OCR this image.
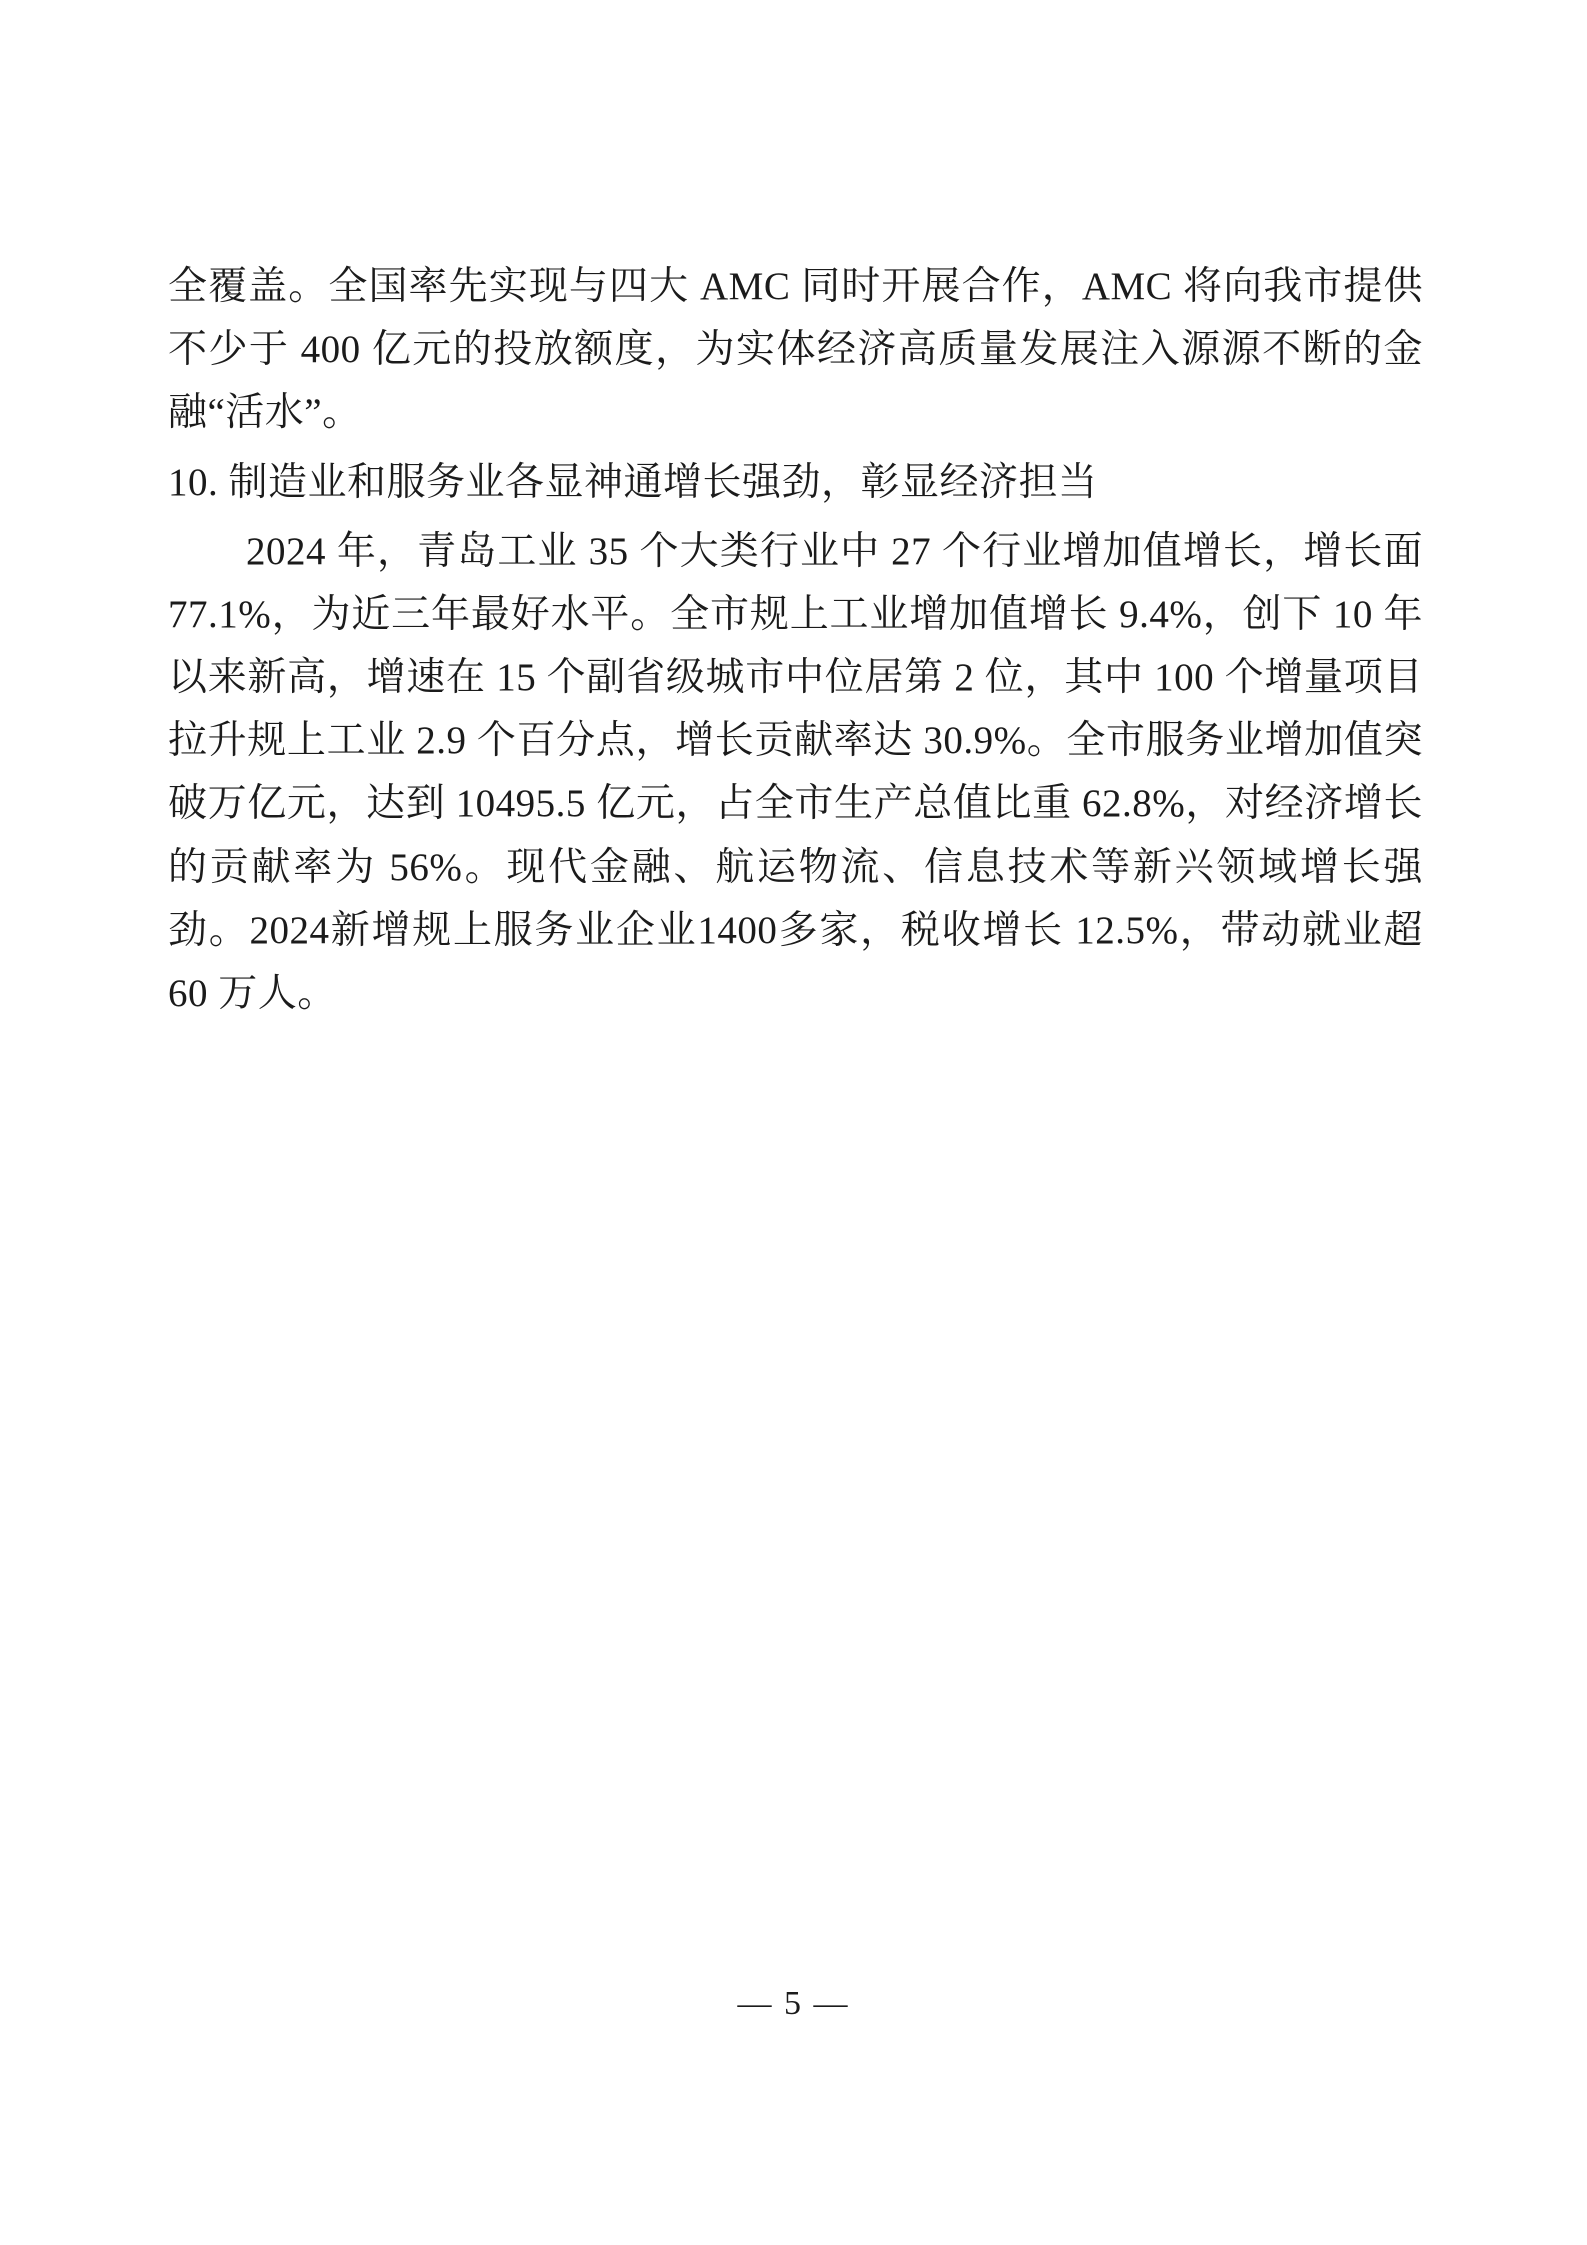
全覆盖。全国率先实现与四大 AMC 同时开展合作，AMC 将向我市提供不少于 400 亿元的投放额度，为实体经济高质量发展注入源源不断的金融“活水”。

10. 制造业和服务业各显神通增长强劲，彰显经济担当

2024 年，青岛工业 35 个大类行业中 27 个行业增加值增长，增长面 77.1%，为近三年最好水平。全市规上工业增加值增长 9.4%，创下 10 年以来新高，增速在 15 个副省级城市中位居第 2 位，其中 100 个增量项目拉升规上工业 2.9 个百分点，增长贡献率达 30.9%。全市服务业增加值突破万亿元，达到 10495.5 亿元，占全市生产总值比重 62.8%，对经济增长的贡献率为 56%。现代金融、航运物流、信息技术等新兴领域增长强劲。2024新增规上服务业企业1400多家，税收增长 12.5%，带动就业超 60 万人。

— 5 —
